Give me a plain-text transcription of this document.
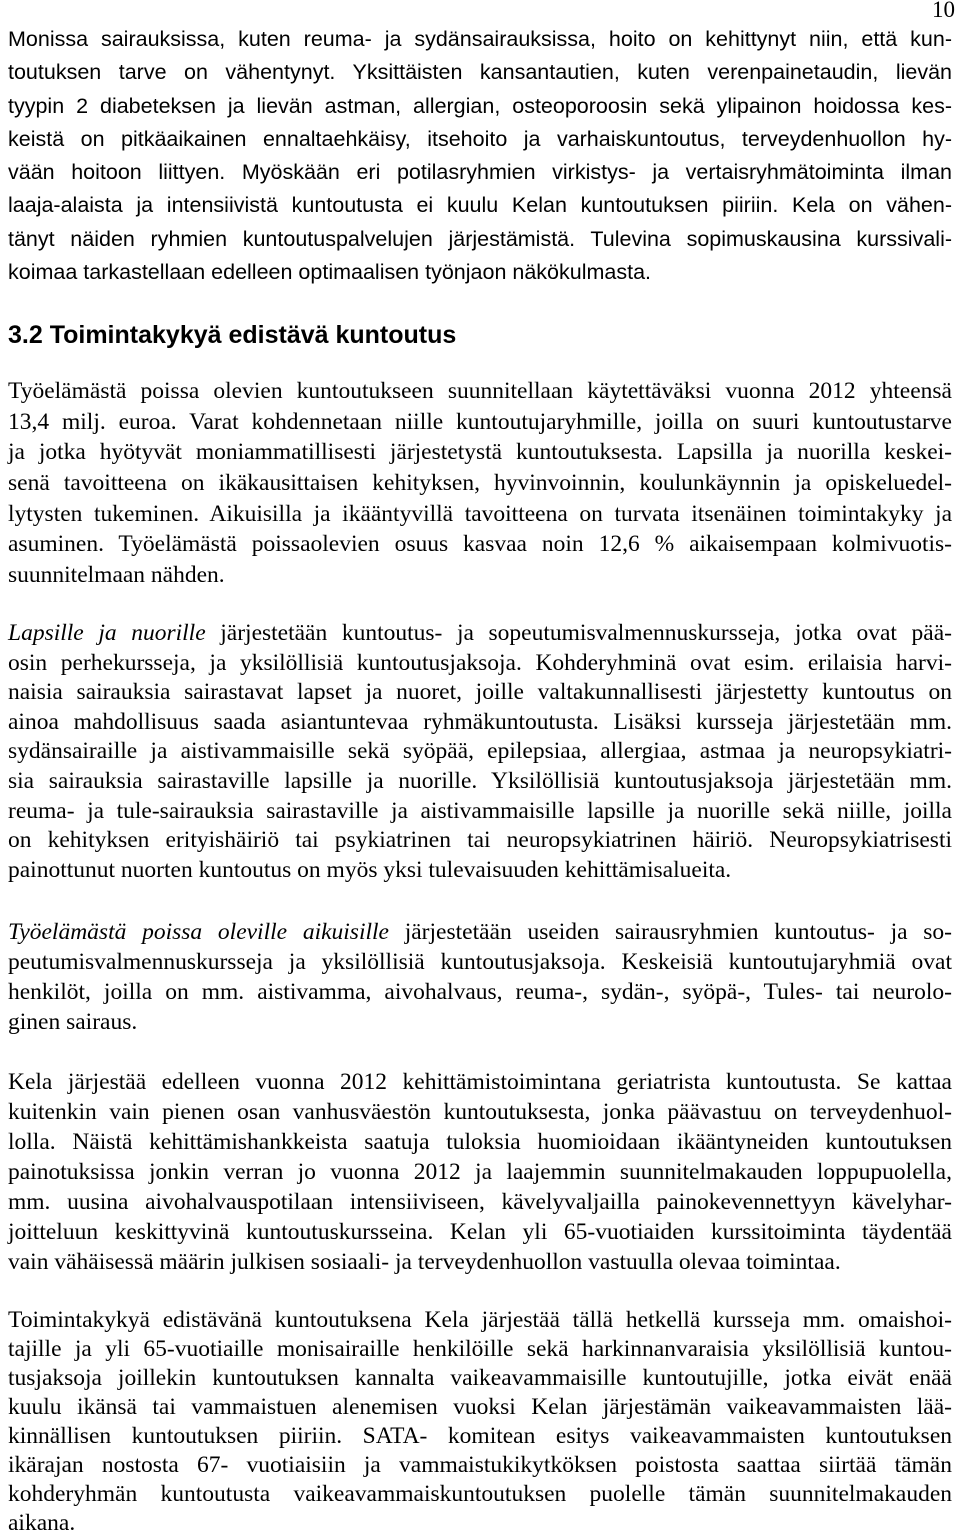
10
Monissa sairauksissa, kuten reuma- ja sydänsairauksissa, hoito on kehittynyt niin, että kun-
toutuksen tarve on vähentynyt. Yksittäisten kansantautien, kuten verenpainetaudin, lievän
tyypin 2 diabeteksen ja lievän astman, allergian, osteoporoosin sekä ylipainon hoidossa kes-
keistä on pitkäaikainen ennaltaehkäisy, itsehoito ja varhaiskuntoutus, terveydenhuollon hy-
vään hoitoon liittyen. Myöskään eri potilasryhmien virkistys- ja vertaisryhmätoiminta ilman
laaja-alaista ja intensiivistä kuntoutusta ei kuulu Kelan kuntoutuksen piiriin. Kela on vähen-
tänyt näiden ryhmien kuntoutuspalvelujen järjestämistä. Tulevina sopimuskausina kurssivali-
koimaa tarkastellaan edelleen optimaalisen työnjaon näkökulmasta.
3.2 Toimintakykyä edistävä kuntoutus
Työelämästä poissa olevien kuntoutukseen suunnitellaan käytettäväksi vuonna 2012 yhteensä
13,4 milj. euroa. Varat kohdennetaan niille kuntoutujaryhmille, joilla on suuri kuntoutustarve
ja jotka hyötyvät moniammatillisesti järjestetystä kuntoutuksesta. Lapsilla ja nuorilla keskei-
senä tavoitteena on ikäkausittaisen kehityksen, hyvinvoinnin, koulunkäynnin ja opiskeluedel-
lytysten tukeminen. Aikuisilla ja ikääntyvillä tavoitteena on turvata itsenäinen toimintakyky ja
asuminen. Työelämästä poissaolevien osuus kasvaa noin 12,6 % aikaisempaan kolmivuotis-
suunnitelmaan nähden.
Lapsille ja nuorille järjestetään kuntoutus- ja sopeutumisvalmennuskursseja, jotka ovat pää-
osin perhekursseja, ja yksilöllisiä kuntoutusjaksoja. Kohderyhminä ovat esim. erilaisia harvi-
naisia sairauksia sairastavat lapset ja nuoret, joille valtakunnallisesti järjestetty kuntoutus on
ainoa mahdollisuus saada asiantuntevaa ryhmäkuntoutusta. Lisäksi kursseja järjestetään mm.
sydänsairaille ja aistivammaisille sekä syöpää, epilepsiaa, allergiaa, astmaa ja neuropsykiatri-
sia sairauksia sairastaville lapsille ja nuorille. Yksilöllisiä kuntoutusjaksoja järjestetään mm.
reuma- ja tule-sairauksia sairastaville ja aistivammaisille lapsille ja nuorille sekä niille, joilla
on kehityksen erityishäiriö tai psykiatrinen tai neuropsykiatrinen häiriö. Neuropsykiatrisesti
painottunut nuorten kuntoutus on myös yksi tulevaisuuden kehittämisalueita.
Työelämästä poissa oleville aikuisille järjestetään useiden sairausryhmien kuntoutus- ja so-
peutumisvalmennuskursseja ja yksilöllisiä kuntoutusjaksoja. Keskeisiä kuntoutujaryhmiä ovat
henkilöt, joilla on mm. aistivamma, aivohalvaus, reuma-, sydän-, syöpä-, Tules- tai neurolo-
ginen sairaus.
Kela järjestää edelleen vuonna 2012 kehittämistoimintana geriatrista kuntoutusta. Se kattaa
kuitenkin vain pienen osan vanhusväestön kuntoutuksesta, jonka päävastuu on terveydenhuol-
lolla. Näistä kehittämishankkeista saatuja tuloksia huomioidaan ikääntyneiden kuntoutuksen
painotuksissa jonkin verran jo vuonna 2012 ja laajemmin suunnitelmakauden loppupuolella,
mm. uusina aivohalvauspotilaan intensiiviseen, kävelyvaljailla painokevennettyyn kävelyhar-
joitteluun keskittyvinä kuntoutuskursseina. Kelan yli 65-vuotiaiden kurssitoiminta täydentää
vain vähäisessä määrin julkisen sosiaali- ja terveydenhuollon vastuulla olevaa toimintaa.
Toimintakykyä edistävänä kuntoutuksena Kela järjestää tällä hetkellä kursseja mm. omaishoi-
tajille ja yli 65-vuotiaille monisairaille henkilöille sekä harkinnanvaraisia yksilöllisiä kuntou-
tusjaksoja joillekin kuntoutuksen kannalta vaikeavammaisille kuntoutujille, jotka eivät enää
kuulu ikänsä tai vammaistuen alenemisen vuoksi Kelan järjestämän vaikeavammaisten lää-
kinnällisen kuntoutuksen piiriin. SATA- komitean esitys vaikeavammaisten kuntoutuksen
ikärajan nostosta 67- vuotiaisiin ja vammaistukikytköksen poistosta saattaa siirtää tämän
kohderyhmän kuntoutusta vaikeavammaiskuntoutuksen puolelle tämän suunnitelmakauden
aikana.
